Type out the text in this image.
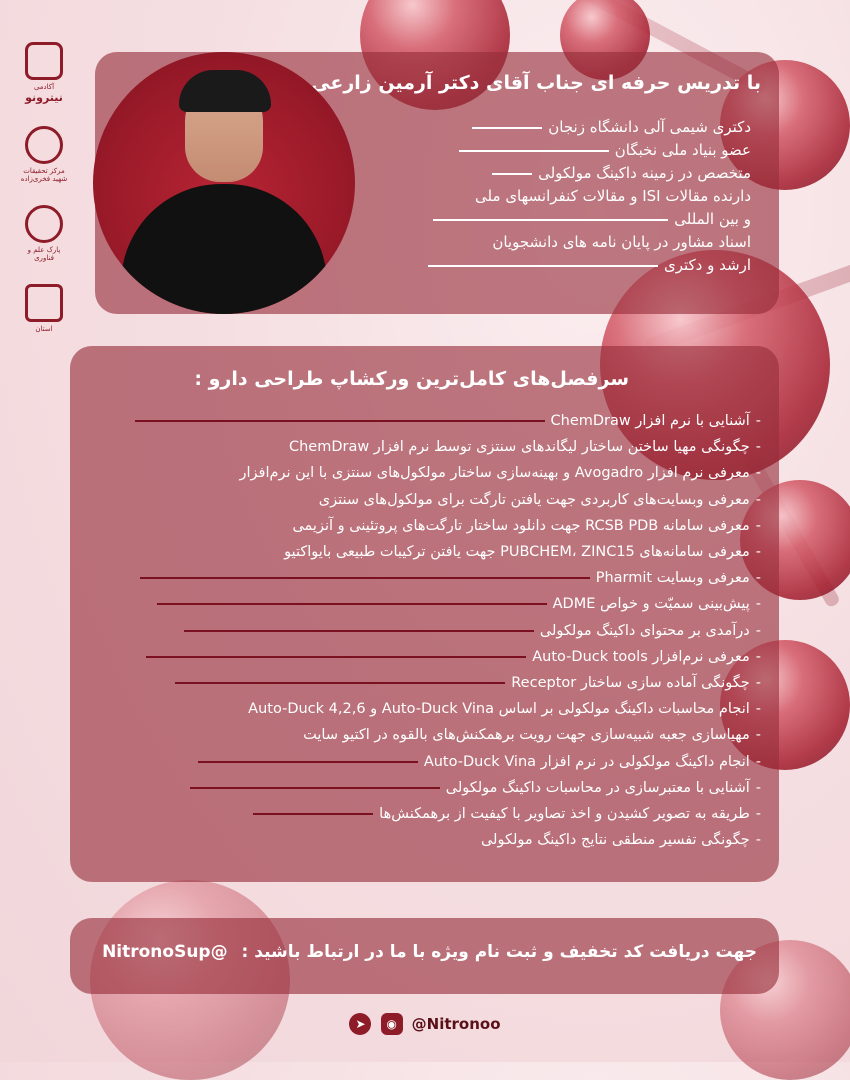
آکادمی
نیترونو
مرکز تحقیقات شهید فخری‌زاده
پارک علم و فناوری
استان
با تدریس حرفه ای جناب آقای دکتر آرمین زارعی
دکتری شیمی آلی دانشگاه زنجان
عضو بنیاد ملی نخبگان
متخصص در زمینه داکینگ مولکولی
دارنده مقالات ISI و مقالات کنفرانسهای ملی
و بین المللی
اسناد مشاور در پایان نامه های دانشجویان
ارشد و دکتری
سرفصل‌های کامل‌ترین ورکشاپ طراحی دارو :
-آشنایی با نرم افزار ChemDraw
-چگونگی مهیا ساختن ساختار لیگاندهای سنتزی توسط نرم افزار ChemDraw
-معرفی نرم افزار Avogadro و بهینه‌سازی ساختار مولکول‌های سنتزی با این نرم‌افزار
-معرفی وبسایت‌های کاربردی جهت یافتن تارگت برای مولکول‌های سنتزی
-معرفی سامانه RCSB PDB جهت دانلود ساختار تارگت‌های پروتئینی و آنزیمی
-معرفی سامانه‌های PUBCHEM، ZINC15 جهت یافتن ترکیبات طبیعی بایواکتیو
-معرفی وبسایت Pharmit
-پیش‌بینی سمیّت و خواص ADME
-درآمدی بر محتوای داکینگ مولکولی
-معرفی نرم‌افزار Auto-Duck tools
-چگونگی آماده سازی ساختار Receptor
-انجام محاسبات داکینگ مولکولی بر اساس Auto-Duck Vina و Auto-Duck 4,2,6
-مهیاسازی جعبه شبیه‌سازی جهت رویت برهمکنش‌های بالقوه در اکتیو سایت
-انجام داکینگ مولکولی در نرم افزار Auto-Duck Vina
-آشنایی با معتبرسازی در محاسبات داکینگ مولکولی
-طریقه به تصویر کشیدن و اخذ تصاویر با کیفیت از برهمکنش‌ها
-چگونگی تفسیر منطقی نتایج داکینگ مولکولی
جهت دریافت کد تخفیف و ثبت نام ویژه با ما در ارتباط باشید : @NitronoSup
➤ ◉ @Nitronoo
